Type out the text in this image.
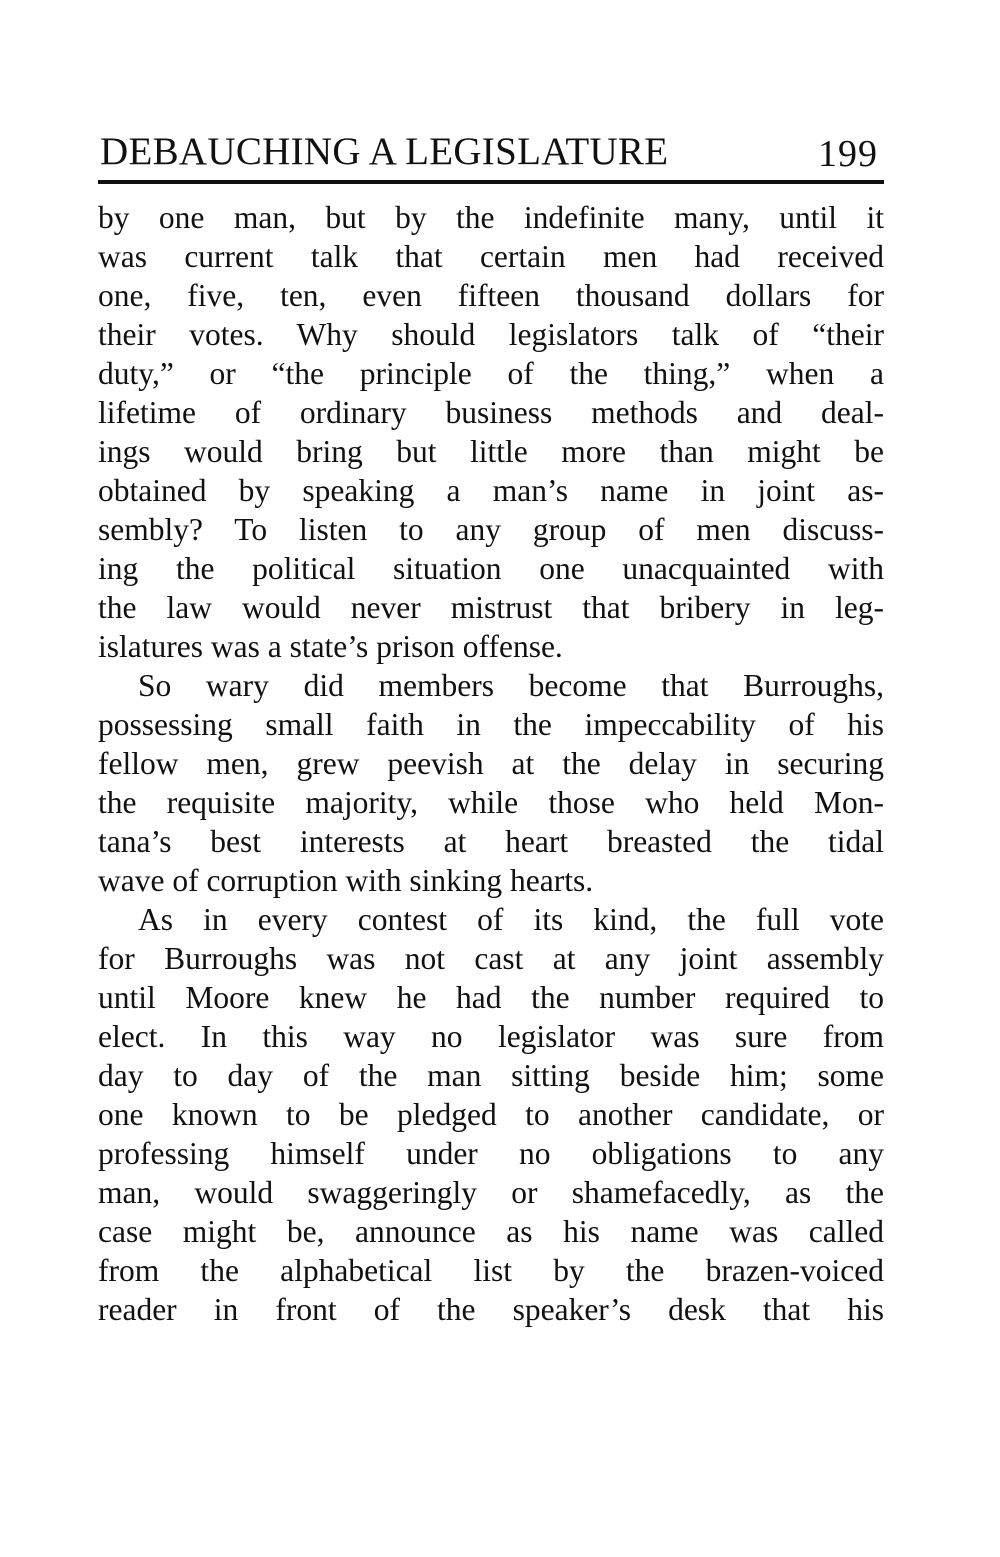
DEBAUCHING A LEGISLATURE	199
by one man, but by the indefinite many, until it
was current talk that certain men had received
one, five, ten, even fifteen thousand dollars for
their votes. Why should legislators talk of “their
duty,” or “the principle of the thing,” when a
lifetime of ordinary business methods and deal-
ings would bring but little more than might be
obtained by speaking a man’s name in joint as-
sembly? To listen to any group of men discuss-
ing the political situation one unacquainted with
the law would never mistrust that bribery in leg-
islatures was a state’s prison offense.
So wary did members become that Burroughs,
possessing small faith in the impeccability of his
fellow men, grew peevish at the delay in securing
the requisite majority, while those who held Mon-
tana’s best interests at heart breasted the tidal
wave of corruption with sinking hearts.
As in every contest of its kind, the full vote
for Burroughs was not cast at any joint assembly
until Moore knew he had the number required to
elect. In this way no legislator was sure from
day to day of the man sitting beside him; some
one known to be pledged to another candidate, or
professing himself under no obligations to any
man, would swaggeringly or shamefacedly, as the
case might be, announce as his name was called
from the alphabetical list by the brazen-voiced
reader in front of the speaker’s desk that his
